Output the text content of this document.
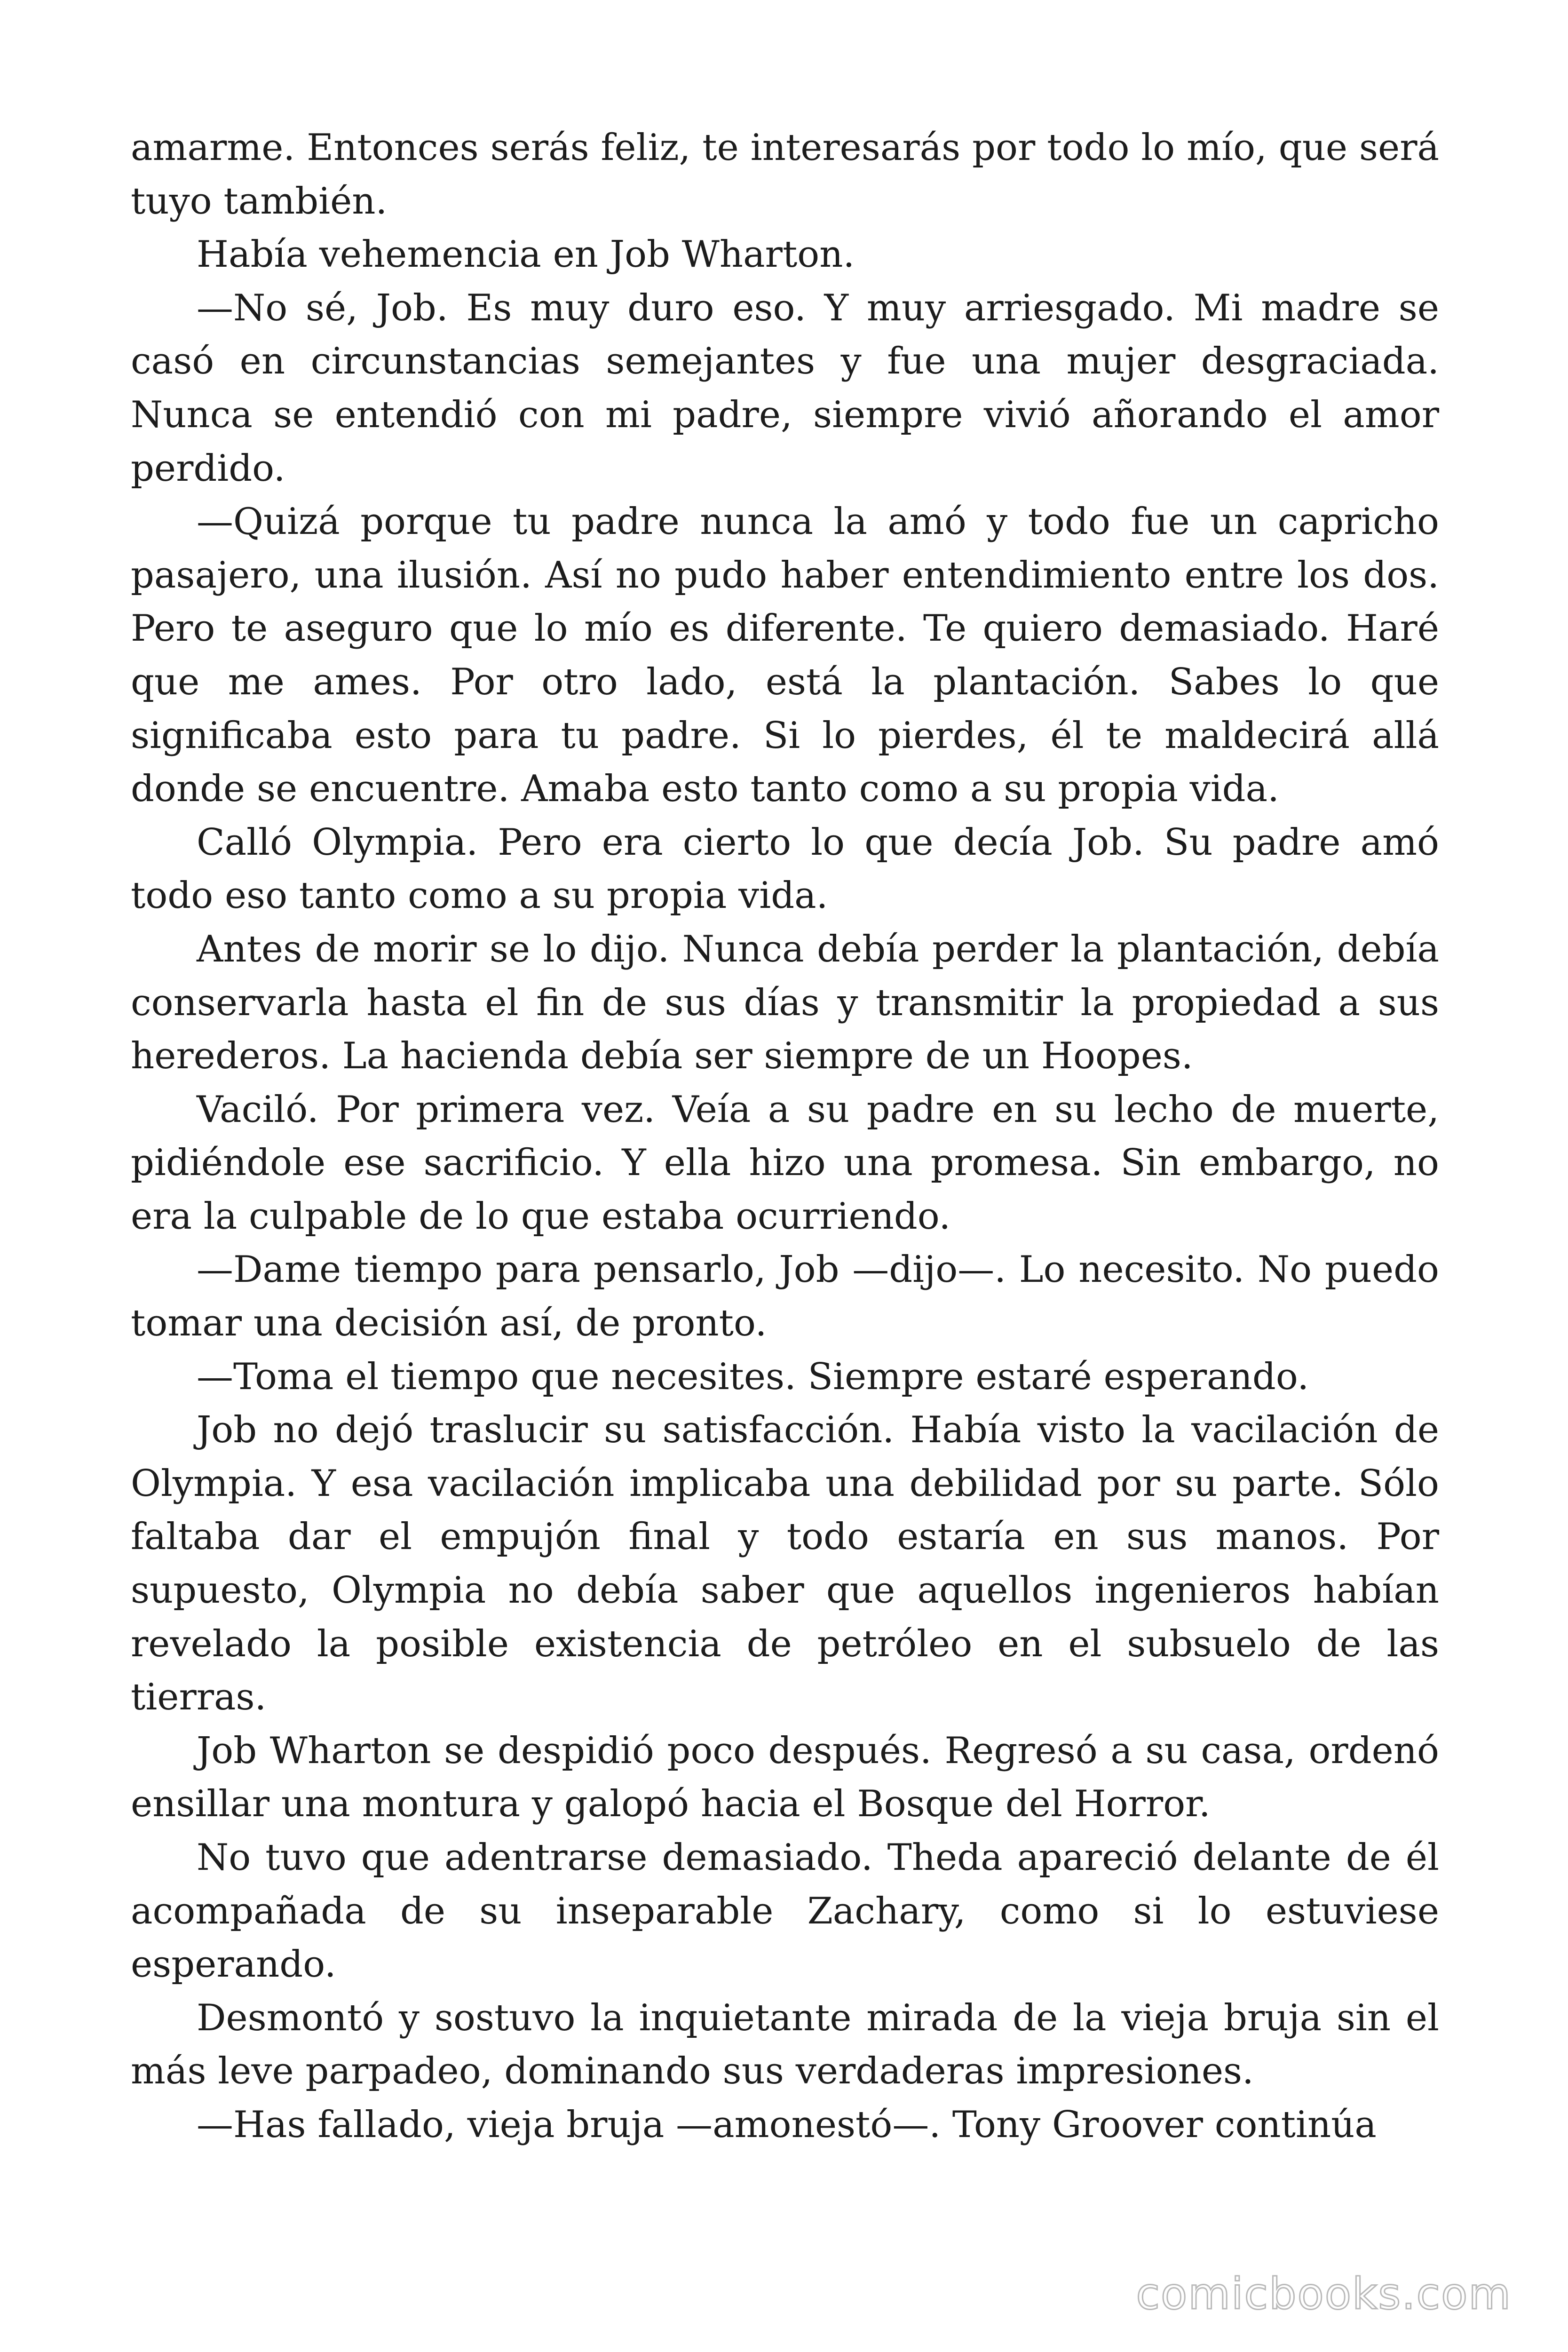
amarme. Entonces serás feliz, te interesarás por todo lo mío, que será tuyo también.

Había vehemencia en Job Wharton.

—No sé, Job. Es muy duro eso. Y muy arriesgado. Mi madre se casó en circunstancias semejantes y fue una mujer desgraciada. Nunca se entendió con mi padre, siempre vivió añorando el amor perdido.

—Quizá porque tu padre nunca la amó y todo fue un capricho pasajero, una ilusión. Así no pudo haber entendimiento entre los dos. Pero te aseguro que lo mío es diferente. Te quiero demasiado. Haré que me ames. Por otro lado, está la plantación. Sabes lo que significaba esto para tu padre. Si lo pierdes, él te maldecirá allá donde se encuentre. Amaba esto tanto como a su propia vida.

Calló Olympia. Pero era cierto lo que decía Job. Su padre amó todo eso tanto como a su propia vida.

Antes de morir se lo dijo. Nunca debía perder la plantación, debía conservarla hasta el fin de sus días y transmitir la propiedad a sus herederos. La hacienda debía ser siempre de un Hoopes.

Vaciló. Por primera vez. Veía a su padre en su lecho de muerte, pidiéndole ese sacrificio. Y ella hizo una promesa. Sin embargo, no era la culpable de lo que estaba ocurriendo.

—Dame tiempo para pensarlo, Job —dijo—. Lo necesito. No puedo tomar una decisión así, de pronto.

—Toma el tiempo que necesites. Siempre estaré esperando.

Job no dejó traslucir su satisfacción. Había visto la vacilación de Olympia. Y esa vacilación implicaba una debilidad por su parte. Sólo faltaba dar el empujón final y todo estaría en sus manos. Por supuesto, Olympia no debía saber que aquellos ingenieros habían revelado la posible existencia de petróleo en el subsuelo de las tierras.

Job Wharton se despidió poco después. Regresó a su casa, ordenó ensillar una montura y galopó hacia el Bosque del Horror.

No tuvo que adentrarse demasiado. Theda apareció delante de él acompañada de su inseparable Zachary, como si lo estuviese esperando.

Desmontó y sostuvo la inquietante mirada de la vieja bruja sin el más leve parpadeo, dominando sus verdaderas impresiones.

—Has fallado, vieja bruja —amonestó—. Tony Groover continúa

comicbooks.com
